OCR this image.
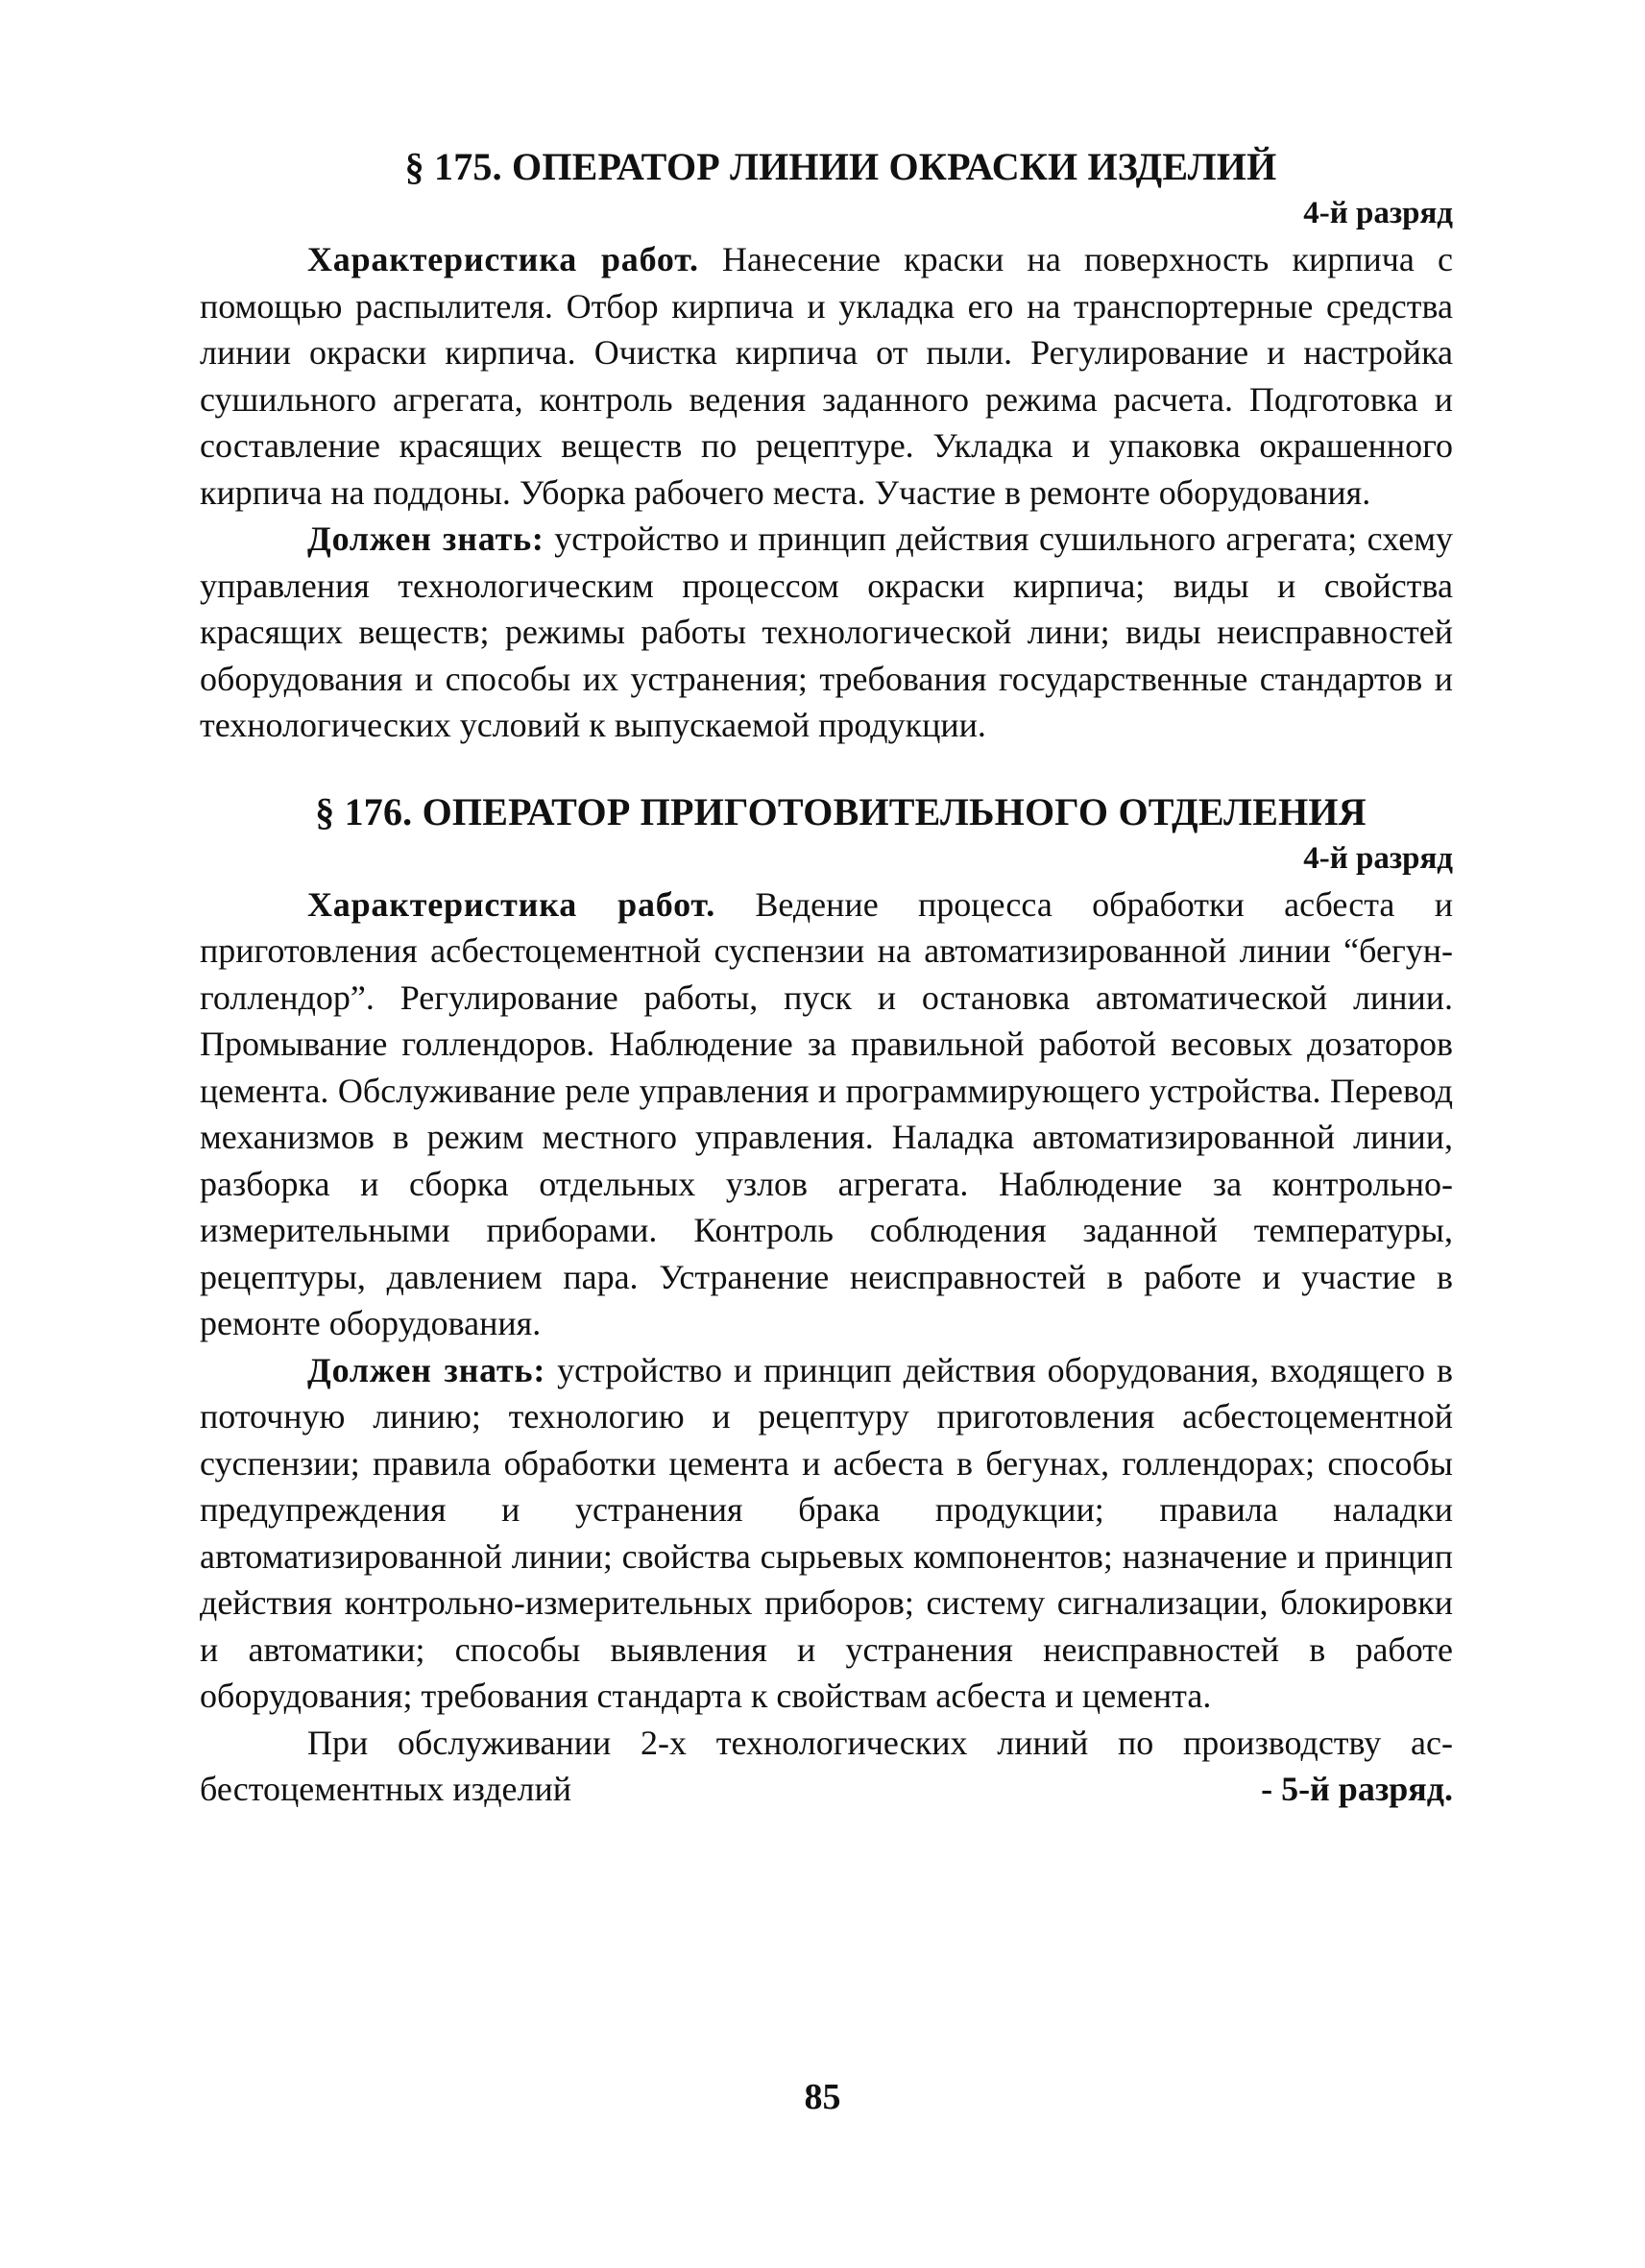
§ 175. ОПЕРАТОР ЛИНИИ ОКРАСКИ ИЗДЕЛИЙ
4-й разряд

Характеристика работ. Нанесение краски на поверхность кирпича с помощью распылителя. Отбор кирпича и укладка его на транспортерные средства линии окраски кирпича. Очистка кирпича от пыли. Регулирование и настройка сушильного агрегата, контроль ведения заданного режима расчета. Подготовка и составление красящих веществ по рецептуре. Укладка и упаковка окрашенного кирпича на поддоны. Уборка рабочего места. Участие в ремонте оборудования.

Должен знать: устройство и принцип действия сушильного агрегата; схему управления технологическим процессом окраски кирпича; виды и свойства красящих веществ; режимы работы технологической лини; виды неисправностей оборудования и способы их устранения; требования государственные стандартов и технологических условий к выпускаемой продукции.

§ 176. ОПЕРАТОР ПРИГОТОВИТЕЛЬНОГО ОТДЕЛЕНИЯ
4-й разряд

Характеристика работ. Ведение процесса обработки асбеста и приготовления асбестоцементной суспензии на автоматизированной линии “бегун-голлендор”. Регулирование работы, пуск и остановка автоматической линии. Промывание голлендоров. Наблюдение за правильной работой весовых дозаторов цемента. Обслуживание реле управления и программирующего устройства. Перевод механизмов в режим местного управления. Наладка автоматизированной линии, разборка и сборка отдельных узлов агрегата. Наблюдение за контрольно-измерительными приборами. Контроль соблюдения заданной температуры, рецептуры, давлением пара. Устранение неисправностей в работе и участие в ремонте оборудования.

Должен знать: устройство и принцип действия оборудования, входящего в поточную линию; технологию и рецептуру приготовления асбестоцементной суспензии; правила обработки цемента и асбеста в бегунах, голлендорах; способы предупреждения и устранения брака продукции; правила наладки автоматизированной линии; свойства сырьевых компонентов; назначение и принцип действия контрольно-измерительных приборов; систему сигнализации, блокировки и автоматики; способы выявления и устранения неисправностей в работе оборудования; требования стандарта к свойствам асбеста и цемента.

При обслуживании 2-х технологических линий по производству ас-

бестоцементных изделий	- 5-й разряд.
85
